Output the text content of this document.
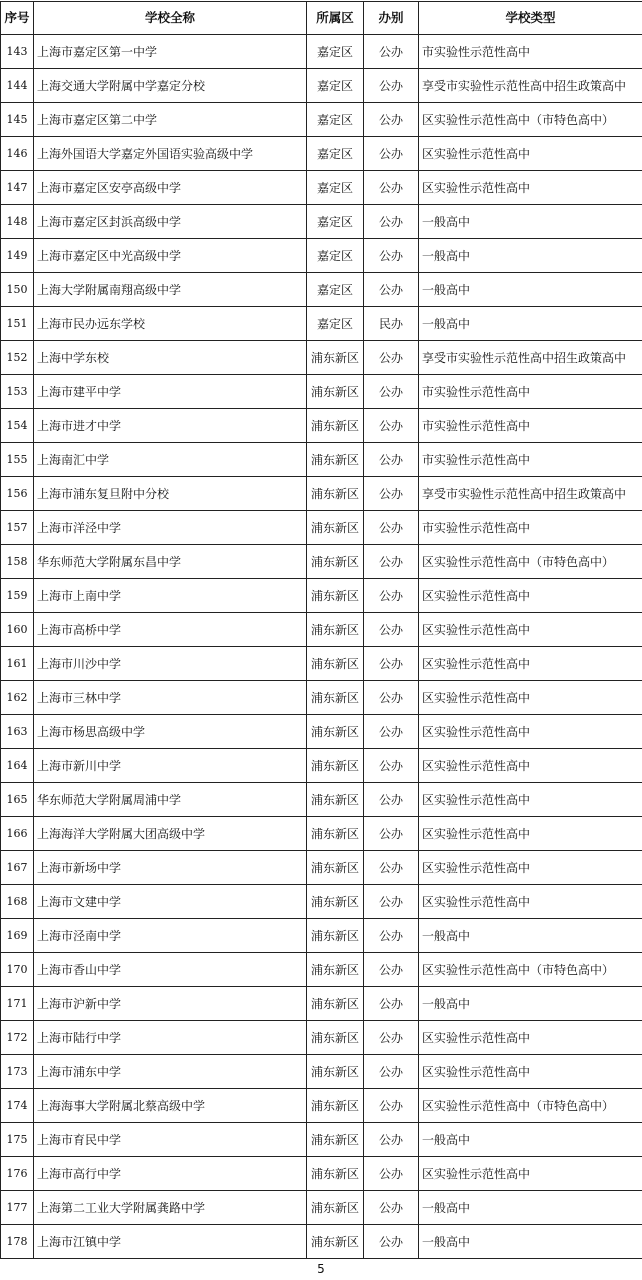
序号	学校全称	所属区	办别	学校类型
143	上海市嘉定区第一中学	嘉定区	公办	市实验性示范性高中
144	上海交通大学附属中学嘉定分校	嘉定区	公办	享受市实验性示范性高中招生政策高中
145	上海市嘉定区第二中学	嘉定区	公办	区实验性示范性高中（市特色高中）
146	上海外国语大学嘉定外国语实验高级中学	嘉定区	公办	区实验性示范性高中
147	上海市嘉定区安亭高级中学	嘉定区	公办	区实验性示范性高中
148	上海市嘉定区封浜高级中学	嘉定区	公办	一般高中
149	上海市嘉定区中光高级中学	嘉定区	公办	一般高中
150	上海大学附属南翔高级中学	嘉定区	公办	一般高中
151	上海市民办远东学校	嘉定区	民办	一般高中
152	上海中学东校	浦东新区	公办	享受市实验性示范性高中招生政策高中
153	上海市建平中学	浦东新区	公办	市实验性示范性高中
154	上海市进才中学	浦东新区	公办	市实验性示范性高中
155	上海南汇中学	浦东新区	公办	市实验性示范性高中
156	上海市浦东复旦附中分校	浦东新区	公办	享受市实验性示范性高中招生政策高中
157	上海市洋泾中学	浦东新区	公办	市实验性示范性高中
158	华东师范大学附属东昌中学	浦东新区	公办	区实验性示范性高中（市特色高中）
159	上海市上南中学	浦东新区	公办	区实验性示范性高中
160	上海市高桥中学	浦东新区	公办	区实验性示范性高中
161	上海市川沙中学	浦东新区	公办	区实验性示范性高中
162	上海市三林中学	浦东新区	公办	区实验性示范性高中
163	上海市杨思高级中学	浦东新区	公办	区实验性示范性高中
164	上海市新川中学	浦东新区	公办	区实验性示范性高中
165	华东师范大学附属周浦中学	浦东新区	公办	区实验性示范性高中
166	上海海洋大学附属大团高级中学	浦东新区	公办	区实验性示范性高中
167	上海市新场中学	浦东新区	公办	区实验性示范性高中
168	上海市文建中学	浦东新区	公办	区实验性示范性高中
169	上海市泾南中学	浦东新区	公办	一般高中
170	上海市香山中学	浦东新区	公办	区实验性示范性高中（市特色高中）
171	上海市沪新中学	浦东新区	公办	一般高中
172	上海市陆行中学	浦东新区	公办	区实验性示范性高中
173	上海市浦东中学	浦东新区	公办	区实验性示范性高中
174	上海海事大学附属北蔡高级中学	浦东新区	公办	区实验性示范性高中（市特色高中）
175	上海市育民中学	浦东新区	公办	一般高中
176	上海市高行中学	浦东新区	公办	区实验性示范性高中
177	上海第二工业大学附属龚路中学	浦东新区	公办	一般高中
178	上海市江镇中学	浦东新区	公办	一般高中
5
